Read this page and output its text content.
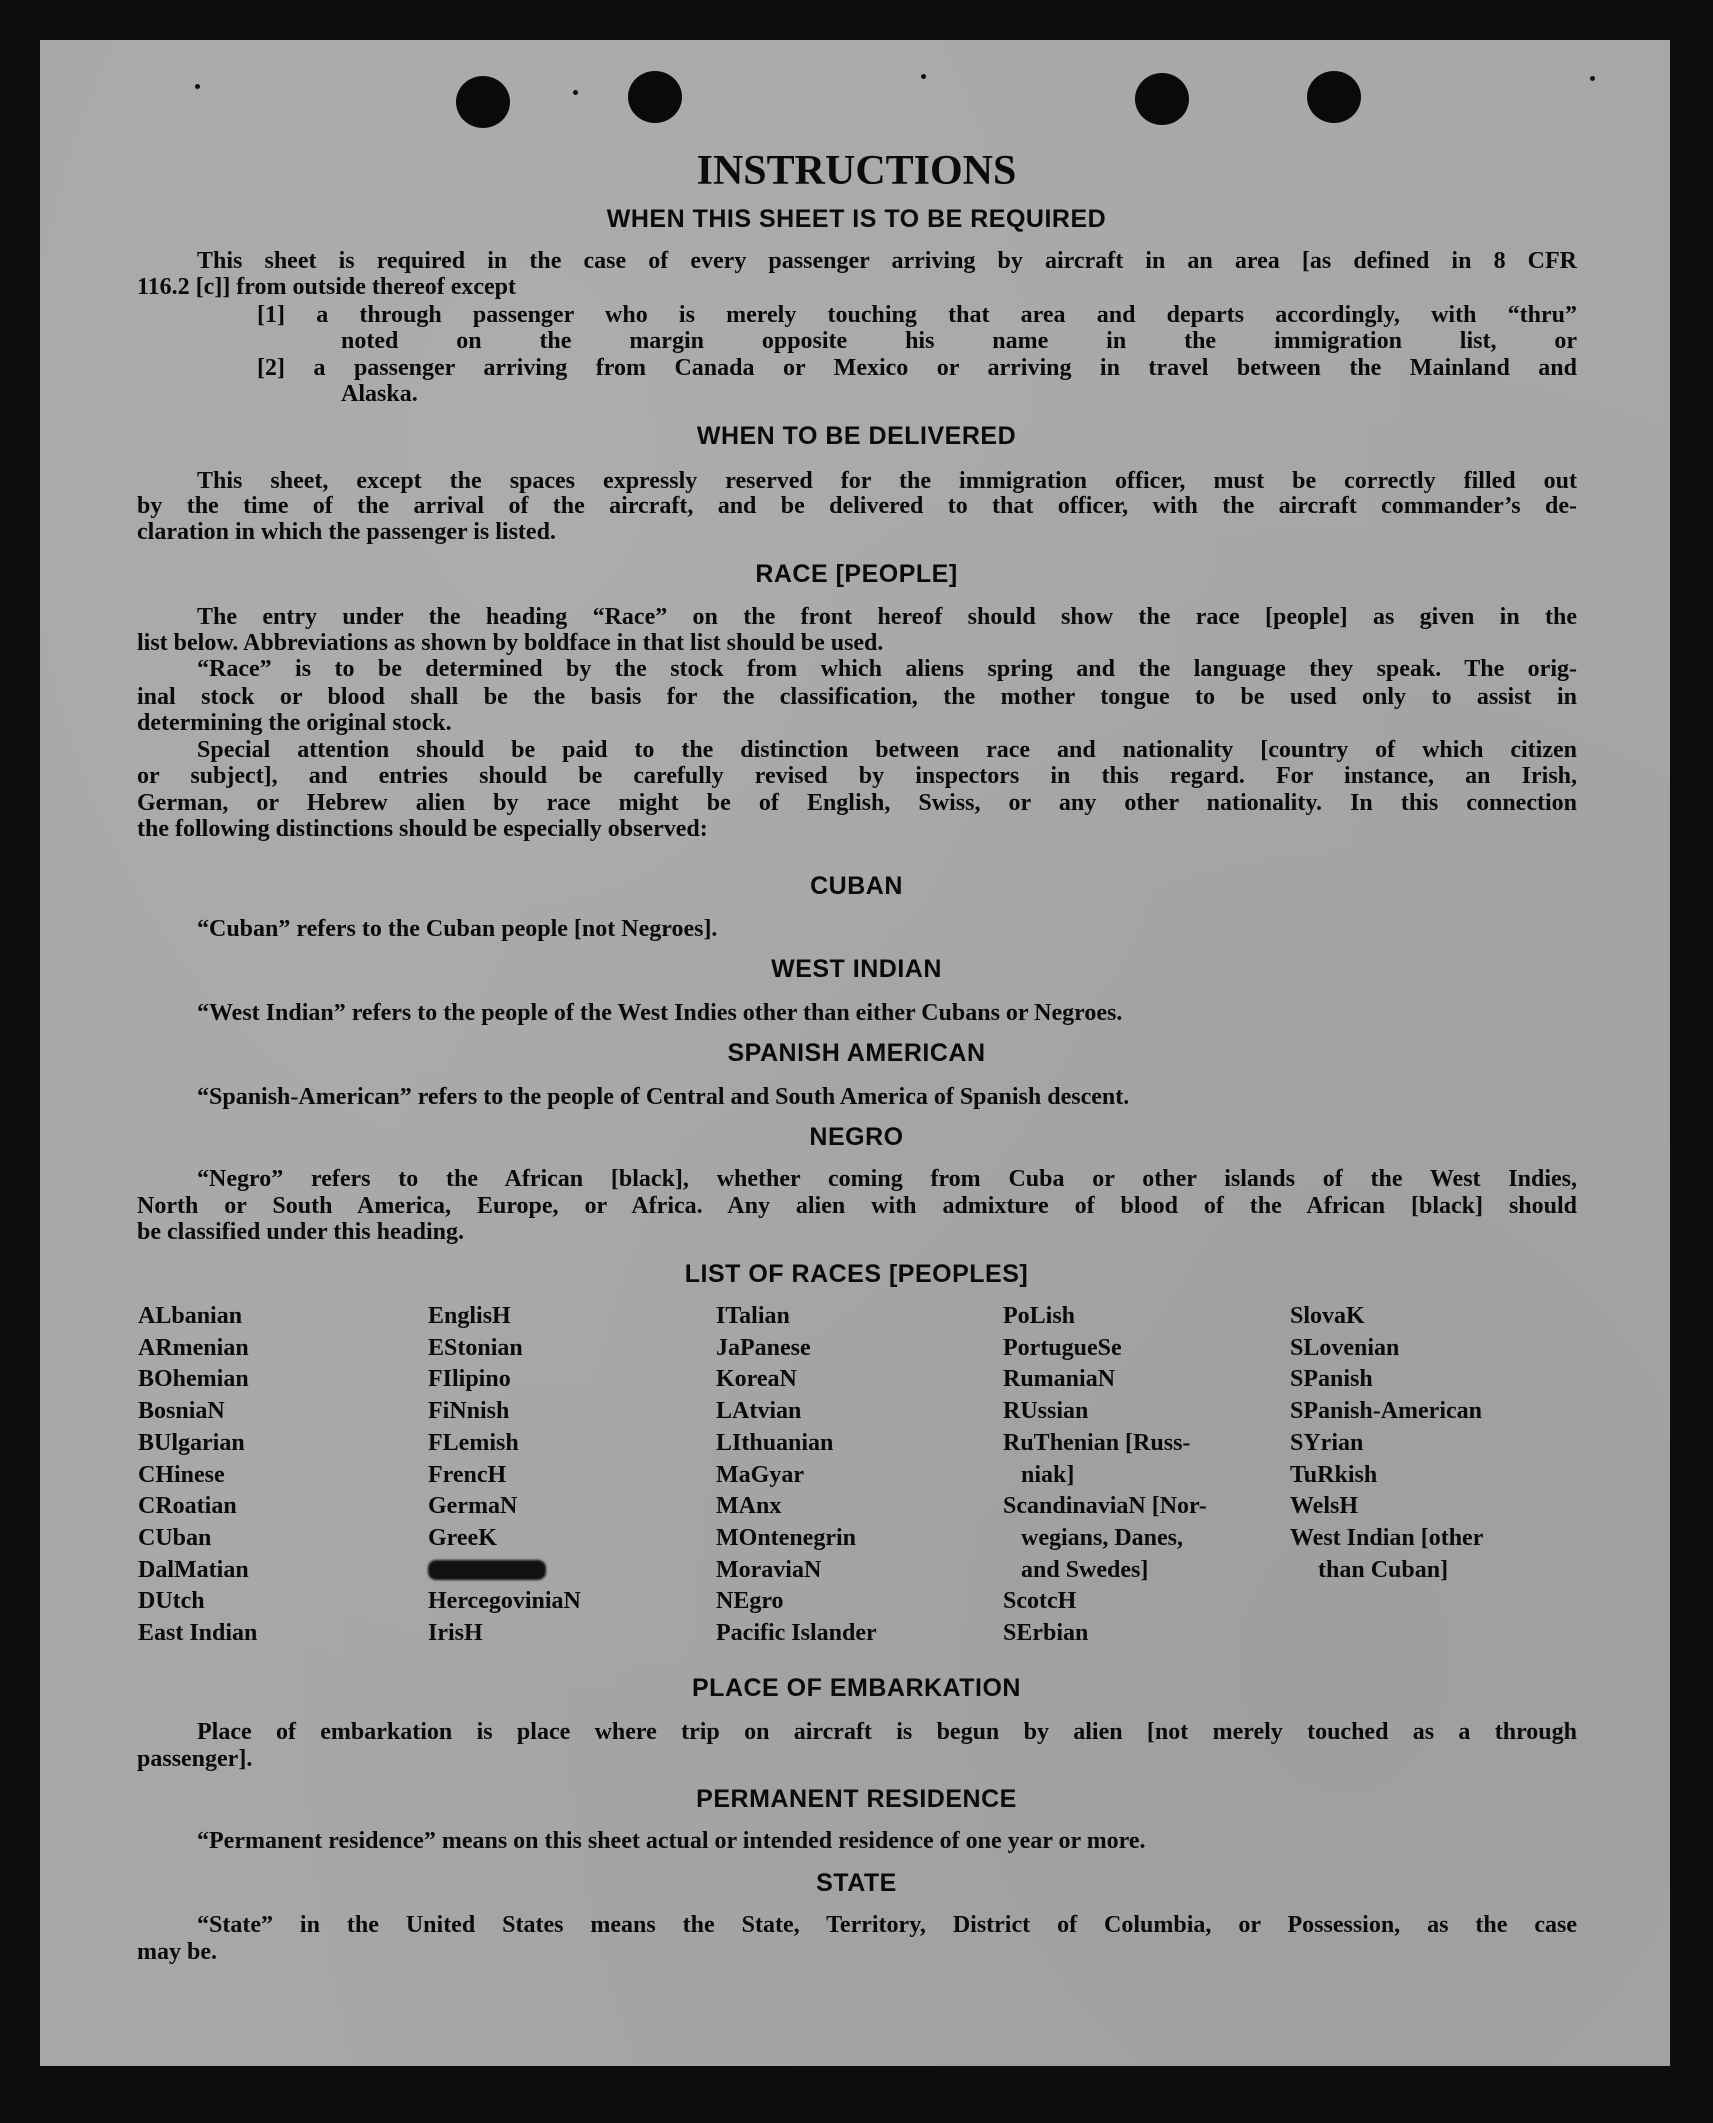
INSTRUCTIONS
WHEN THIS SHEET IS TO BE REQUIRED
This sheet is required in the case of every passenger arriving by aircraft in an area [as defined in 8 CFR
116.2 [c]] from outside thereof except
[1] a through passenger who is merely touching that area and departs accordingly, with “thru”
noted on the margin opposite his name in the immigration list, or
[2] a passenger arriving from Canada or Mexico or arriving in travel between the Mainland and
Alaska.
WHEN TO BE DELIVERED
This sheet, except the spaces expressly reserved for the immigration officer, must be correctly filled out
by the time of the arrival of the aircraft, and be delivered to that officer, with the aircraft commander’s de-
claration in which the passenger is listed.
RACE [PEOPLE]
The entry under the heading “Race” on the front hereof should show the race [people] as given in the
list below. Abbreviations as shown by boldface in that list should be used.
“Race” is to be determined by the stock from which aliens spring and the language they speak. The orig-
inal stock or blood shall be the basis for the classification, the mother tongue to be used only to assist in
determining the original stock.
Special attention should be paid to the distinction between race and nationality [country of which citizen
or subject], and entries should be carefully revised by inspectors in this regard. For instance, an Irish,
German, or Hebrew alien by race might be of English, Swiss, or any other nationality. In this connection
the following distinctions should be especially observed:
CUBAN
“Cuban” refers to the Cuban people [not Negroes].
WEST INDIAN
“West Indian” refers to the people of the West Indies other than either Cubans or Negroes.
SPANISH AMERICAN
“Spanish-American” refers to the people of Central and South America of Spanish descent.
NEGRO
“Negro” refers to the African [black], whether coming from Cuba or other islands of the West Indies,
North or South America, Europe, or Africa. Any alien with admixture of blood of the African [black] should
be classified under this heading.
LIST OF RACES [PEOPLES]
ALbanian
ARmenian
BOhemian
BosniaN
BUlgarian
CHinese
CRoatian
CUban
DalMatian
DUtch
East Indian
EnglisH
EStonian
FIlipino
FiNnish
FLemish
FrencH
GermaN
GreeK
HercegoviniaN
IrisH
ITalian
JaPanese
KoreaN
LAtvian
LIthuanian
MaGyar
MAnx
MOntenegrin
MoraviaN
NEgro
Pacific Islander
PoLish
PortugueSe
RumaniaN
RUssian
RuThenian [Russ-
niak]
ScandinaviaN [Nor-
wegians, Danes,
and Swedes]
ScotcH
SErbian
SlovaK
SLovenian
SPanish
SPanish-American
SYrian
TuRkish
WelsH
West Indian [other
than Cuban]
PLACE OF EMBARKATION
Place of embarkation is place where trip on aircraft is begun by alien [not merely touched as a through
passenger].
PERMANENT RESIDENCE
“Permanent residence” means on this sheet actual or intended residence of one year or more.
STATE
“State” in the United States means the State, Territory, District of Columbia, or Possession, as the case
may be.
